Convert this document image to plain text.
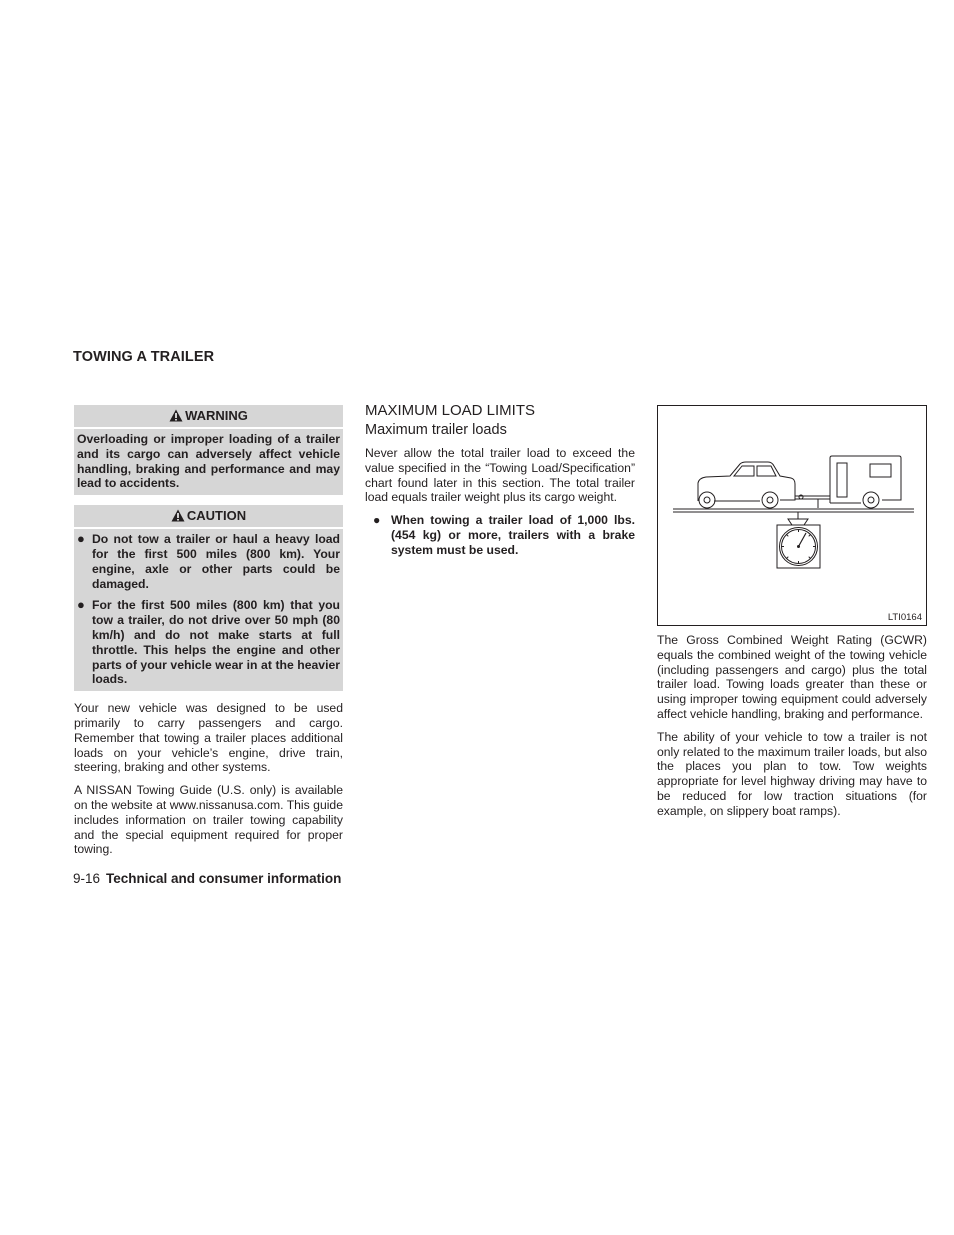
TOWING A TRAILER
WARNING
Overloading or improper loading of a trailer and its cargo can adversely affect vehicle handling, braking and performance and may lead to accidents.
CAUTION
● Do not tow a trailer or haul a heavy load for the first 500 miles (800 km). Your engine, axle or other parts could be damaged.
● For the first 500 miles (800 km) that you tow a trailer, do not drive over 50 mph (80 km/h) and do not make starts at full throttle. This helps the engine and other parts of your vehicle wear in at the heavier loads.

Your new vehicle was designed to be used primarily to carry passengers and cargo. Remember that towing a trailer places additional loads on your vehicle’s engine, drive train, steering, braking and other systems.

A NISSAN Towing Guide (U.S. only) is available on the website at www.nissanusa.com. This guide includes information on trailer towing capability and the special equipment required for proper towing.

MAXIMUM LOAD LIMITS
Maximum trailer loads

Never allow the total trailer load to exceed the value specified in the “Towing Load/Specification” chart found later in this section. The total trailer load equals trailer weight plus its cargo weight.

● When towing a trailer load of 1,000 lbs. (454 kg) or more, trailers with a brake system must be used.
LTI0164

The Gross Combined Weight Rating (GCWR) equals the combined weight of the towing vehicle (including passengers and cargo) plus the total trailer load. Towing loads greater than these or using improper towing equipment could adversely affect vehicle handling, braking and performance.

The ability of your vehicle to tow a trailer is not only related to the maximum trailer loads, but also the places you plan to tow. Tow weights appropriate for level highway driving may have to be reduced for low traction situations (for example, on slippery boat ramps).

9-16 Technical and consumer information
